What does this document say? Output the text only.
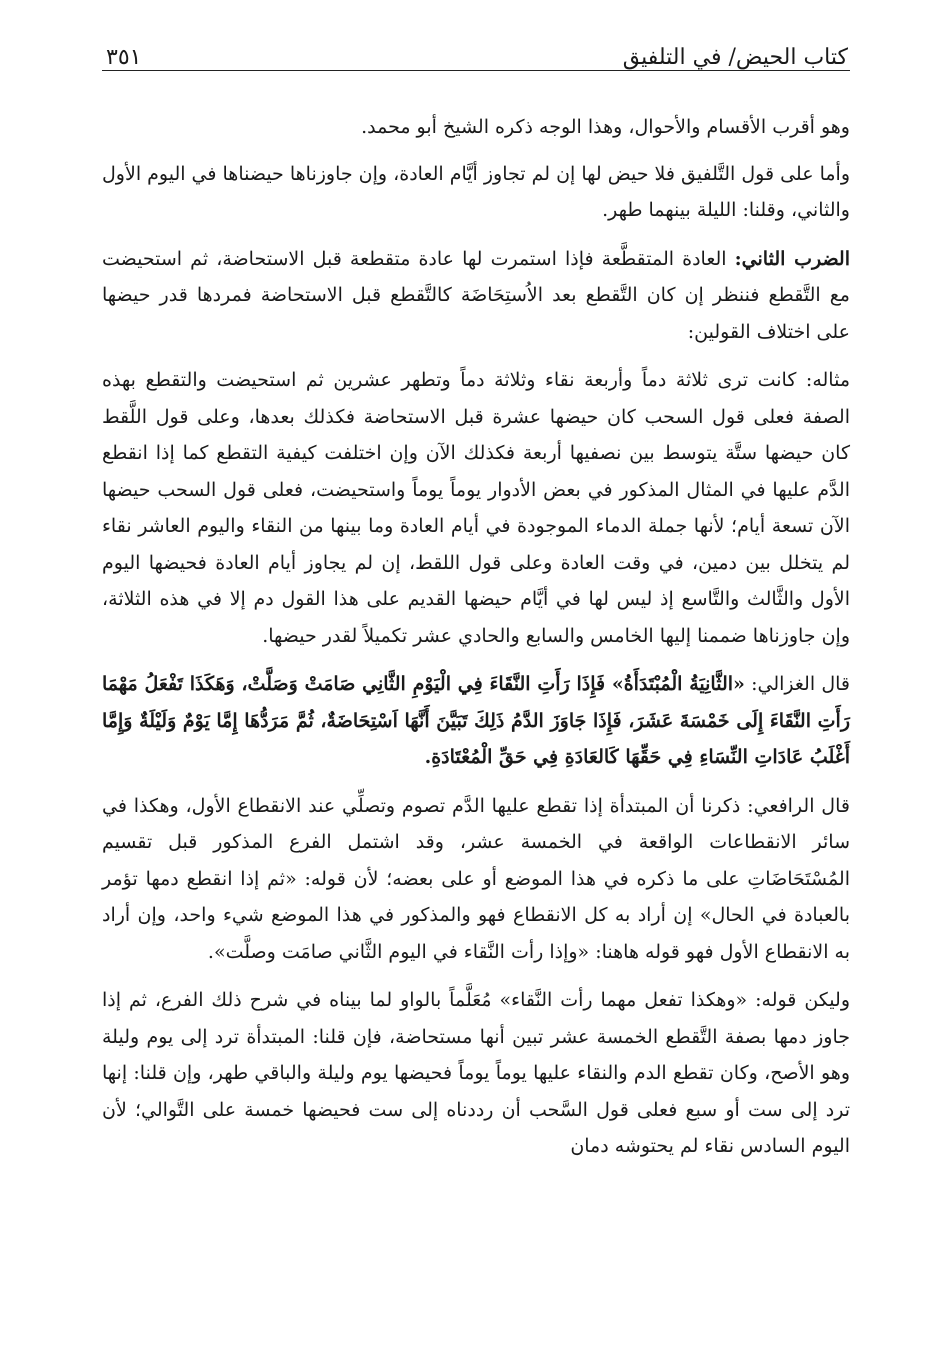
كتاب الحيض/ في التلفيق
٣٥١

وهو أقرب الأقسام والأحوال، وهذا الوجه ذكره الشيخ أبو محمد.

وأما على قول التَّلفيق فلا حيض لها إن لم تجاوز أيَّام العادة، وإن جاوزناها حيضناها في اليوم الأول والثاني، وقلنا: الليلة بينهما طهر.

الضرب الثاني: العادة المتقطَّعة فإذا استمرت لها عادة متقطعة قبل الاستحاضة، ثم استحيضت مع التَّقطع فننظر إن كان التَّقطع بعد الاُستِحَاضَة كالتَّقطع قبل الاستحاضة فمردها قدر حيضها على اختلاف القولين:

مثاله: كانت ترى ثلاثة دماً وأربعة نقاء وثلاثة دماً وتطهر عشرين ثم استحيضت والتقطع بهذه الصفة فعلى قول السحب كان حيضها عشرة قبل الاستحاضة فكذلك بعدها، وعلى قول اللَّقط كان حيضها ستَّة يتوسط بين نصفيها أربعة فكذلك الآن وإن اختلفت كيفية التقطع كما إذا انقطع الدَّم عليها في المثال المذكور في بعض الأدوار يوماً يوماً واستحيضت، فعلى قول السحب حيضها الآن تسعة أيام؛ لأنها جملة الدماء الموجودة في أيام العادة وما بينها من النقاء واليوم العاشر نقاء لم يتخلل بين دمين، في وقت العادة وعلى قول اللقط، إن لم يجاوز أيام العادة فحيضها اليوم الأول والثَّالث والتَّاسع إذ ليس لها في أيَّام حيضها القديم على هذا القول دم إلا في هذه الثلاثة، وإن جاوزناها ضممنا إليها الخامس والسابع والحادي عشر تكميلاً لقدر حيضها.

قال الغزالي: «الثَّانِيَةُ الْمُبْتَدَأَةُ» فَإِذَا رَأَتِ النَّقَاءَ فِي الْيَوْمِ الثَّانِي صَامَتْ وَصَلَّتْ، وَهَكَذَا تَفْعَلُ مَهْمَا رَأَتِ النَّقَاءَ إِلَى خَمْسَةَ عَشَرَ، فَإِذَا جَاوَزَ الدَّمُ ذَلِكَ تَبَيَّنَ أَنَّهَا اَسْتِحَاضَةٌ، ثُمَّ مَرَدُّهَا إِمَّا يَوْمٌ وَلَيْلَةٌ وَإِمَّا أَغْلَبُ عَادَاتِ النِّسَاءِ فِي حَقِّهَا كَالعَادَةِ فِي حَقِّ الْمُعْتَادَةِ.

قال الرافعي: ذكرنا أن المبتدأة إذا تقطع عليها الدَّم تصوم وتصلِّي عند الانقطاع الأول، وهكذا في سائر الانقطاعات الواقعة في الخمسة عشر، وقد اشتمل الفرع المذكور قبل تقسيم المُسْتَحَاضَاتِ على ما ذكره في هذا الموضع أو على بعضه؛ لأن قوله: «ثم إذا انقطع دمها تؤمر بالعبادة في الحال» إن أراد به كل الانقطاع فهو والمذكور في هذا الموضع شيء واحد، وإن أراد به الانقطاع الأول فهو قوله هاهنا: «وإذا رأت النَّقاء في اليوم الثَّاني صامَت وصلَّت».

وليكن قوله: «وهكذا تفعل مهما رأت النَّقاء» مُعَلَّماً بالواو لما بيناه في شرح ذلك الفرع، ثم إذا جاوز دمها بصفة التَّقطع الخمسة عشر تبين أنها مستحاضة، فإن قلنا: المبتدأة ترد إلى يوم وليلة وهو الأصح، وكان تقطع الدم والنقاء عليها يوماً يوماً فحيضها يوم وليلة والباقي طهر، وإن قلنا: إنها ترد إلى ست أو سبع فعلى قول السَّحب أن رددناه إلى ست فحيضها خمسة على التَّوالي؛ لأن اليوم السادس نقاء لم يحتوشه دمان
